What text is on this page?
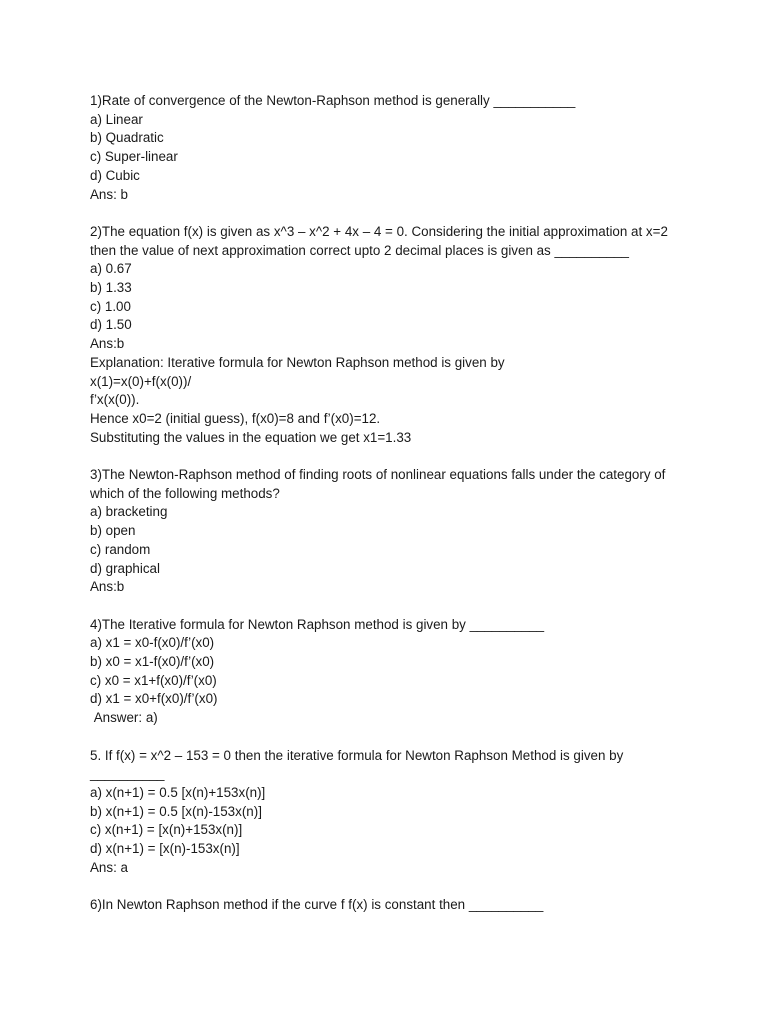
1)Rate of convergence of the Newton-Raphson method is generally ___________
a) Linear
b) Quadratic
c) Super-linear
d) Cubic
Ans: b
2)The equation f(x) is given as x^3 – x^2 + 4x – 4 = 0. Considering the initial approximation at x=2 then the value of next approximation correct upto 2 decimal places is given as __________
a) 0.67
b) 1.33
c) 1.00
d) 1.50
Ans:b
Explanation: Iterative formula for Newton Raphson method is given by
x(1)=x(0)+f(x(0))/
f’x(x(0)).
Hence x0=2 (initial guess), f(x0)=8 and f’(x0)=12.
Substituting the values in the equation we get x1=1.33
3)The Newton-Raphson method of finding roots of nonlinear equations falls under the category of which of the following methods?
a) bracketing
b) open
c) random
d) graphical
Ans:b
4)The Iterative formula for Newton Raphson method is given by __________
a) x1 = x0-f(x0)/f’(x0)
b) x0 = x1-f(x0)/f’(x0)
c) x0 = x1+f(x0)/f’(x0)
d) x1 = x0+f(x0)/f’(x0)
Answer: a)
5. If f(x) = x^2 – 153 = 0 then the iterative formula for Newton Raphson Method is given by __________
a) x(n+1) = 0.5 [x(n)+153x(n)]
b) x(n+1) = 0.5 [x(n)-153x(n)]
c) x(n+1) = [x(n)+153x(n)]
d) x(n+1) = [x(n)-153x(n)]
Ans: a
6)In Newton Raphson method if the curve f f(x) is constant then __________
